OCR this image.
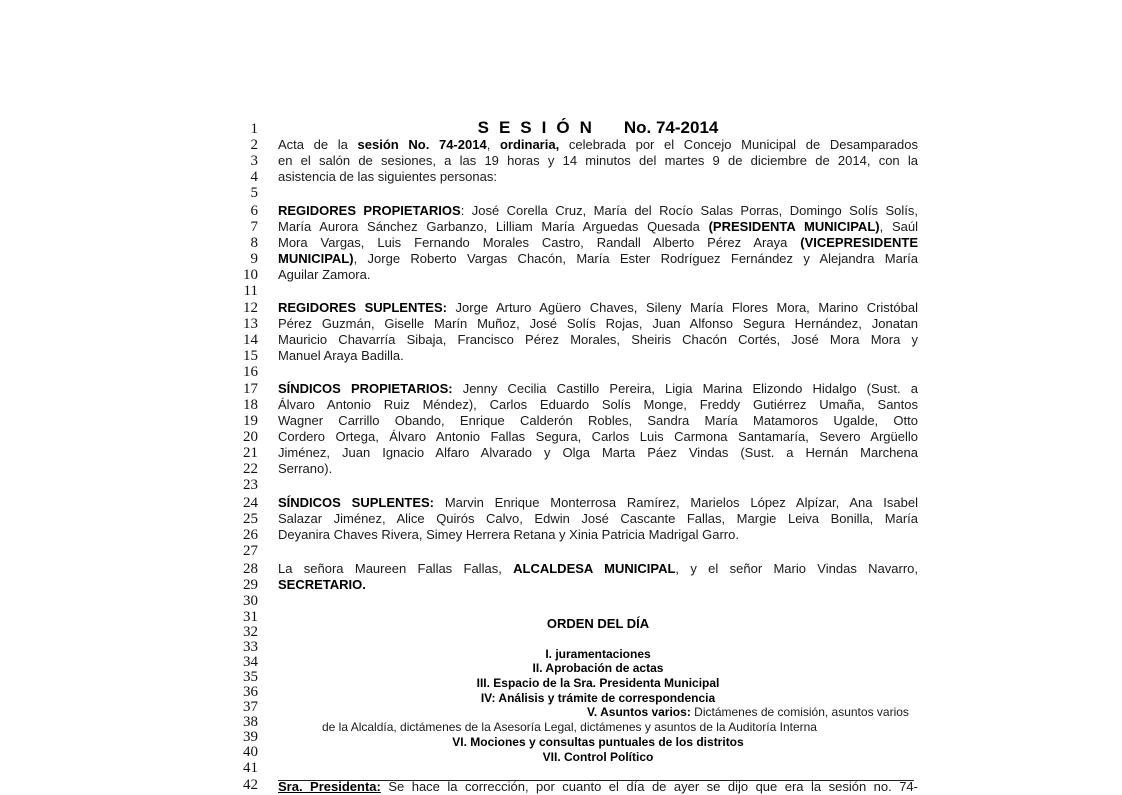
1
2
3
4
5
6
7
8
9
10
11
12
13
14
15
16
17
18
19
20
21
22
23
24
25
26
27
28
29
30
31
32
33
34
35
36
37
38
39
40
41
42
SESIÓN No. 74-2014
Acta de la sesión No. 74-2014, ordinaria, celebrada por el Concejo Municipal de Desamparados
en el salón de sesiones, a las 19 horas y 14 minutos del martes 9 de diciembre de 2014, con la
asistencia de las siguientes personas:
REGIDORES PROPIETARIOS: José Corella Cruz, María del Rocío Salas Porras, Domingo Solís Solís,
María Aurora Sánchez Garbanzo, Lilliam María Arguedas Quesada (PRESIDENTA MUNICIPAL), Saúl
Mora Vargas, Luis Fernando Morales Castro, Randall Alberto Pérez Araya (VICEPRESIDENTE
MUNICIPAL), Jorge Roberto Vargas Chacón, María Ester Rodríguez Fernández y Alejandra María
Aguilar Zamora.
REGIDORES SUPLENTES: Jorge Arturo Agüero Chaves, Sileny María Flores Mora, Marino Cristóbal
Pérez Guzmán, Giselle Marín Muñoz, José Solís Rojas, Juan Alfonso Segura Hernández, Jonatan
Mauricio Chavarría Sibaja, Francisco Pérez Morales, Sheiris Chacón Cortés, José Mora Mora y
Manuel Araya Badilla.
SÍNDICOS PROPIETARIOS: Jenny Cecilia Castillo Pereira, Ligia Marina Elizondo Hidalgo (Sust. a
Álvaro Antonio Ruiz Méndez), Carlos Eduardo Solís Monge, Freddy Gutiérrez Umaña, Santos
Wagner Carrillo Obando, Enrique Calderón Robles, Sandra María Matamoros Ugalde, Otto
Cordero Ortega, Álvaro Antonio Fallas Segura, Carlos Luis Carmona Santamaría, Severo Argüello
Jiménez, Juan Ignacio Alfaro Alvarado y Olga Marta Páez Vindas (Sust. a Hernán Marchena
Serrano).
SÍNDICOS SUPLENTES: Marvin Enrique Monterrosa Ramírez, Marielos López Alpízar, Ana Isabel
Salazar Jiménez, Alice Quirós Calvo, Edwin José Cascante Fallas, Margie Leiva Bonilla, María
Deyanira Chaves Rivera, Simey Herrera Retana y Xinia Patricia Madrigal Garro.
La señora Maureen Fallas Fallas, ALCALDESA MUNICIPAL, y el señor Mario Vindas Navarro,
SECRETARIO.
ORDEN DEL DÍA
I. juramentaciones
II. Aprobación de actas
III. Espacio de la Sra. Presidenta Municipal
IV: Análisis y trámite de correspondencia
V. Asuntos varios: Dictámenes de comisión, asuntos varios
de la Alcaldía, dictámenes de la Asesoría Legal, dictámenes y asuntos de la Auditoría Interna
VI. Mociones y consultas puntuales de los distritos
VII. Control Político
Sra. Presidenta: Se hace la corrección, por cuanto el día de ayer se dijo que era la sesión no. 74-
